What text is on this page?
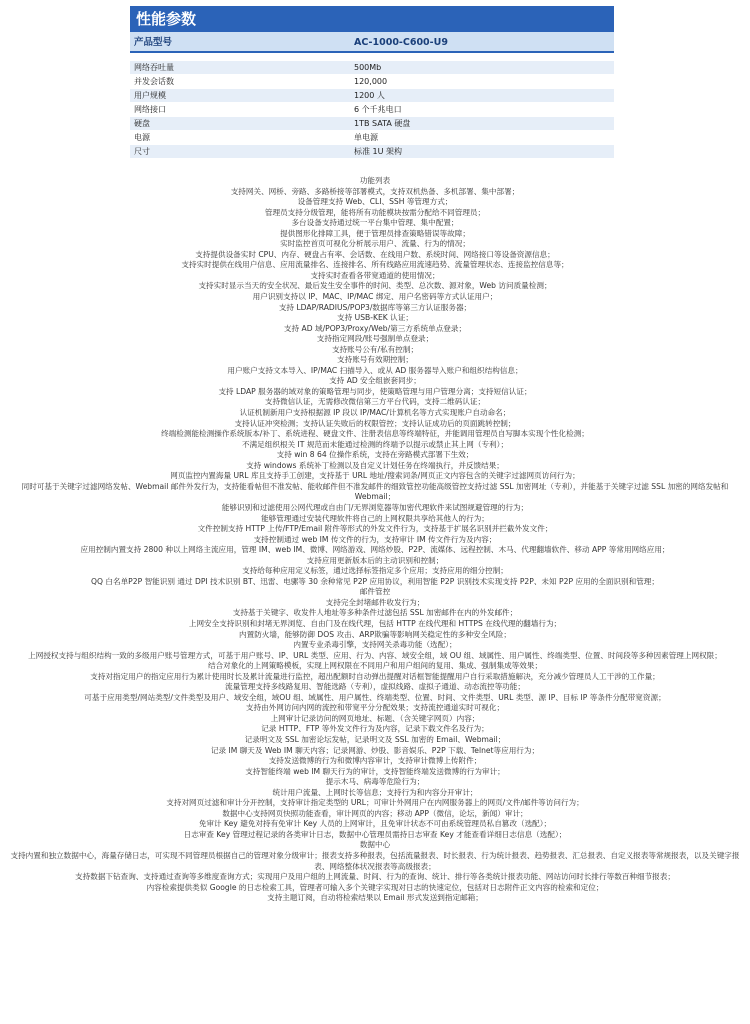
性能参数
产品型号	AC-1000-C600-U9
网络吞吐量	500Mb
并发会话数	120,000
用户规模	1200 人
网络接口	6 个千兆电口
硬盘	1TB SATA 硬盘
电源	单电源
尺寸	标准 1U 架构
功能列表
支持网关、网桥、旁路、多路桥接等部署模式，支持双机热备、多机部署、集中部署；
设备管理支持 Web、CLI、SSH 等管理方式；
管理员支持分级管理，能将所有功能模块按需分配给不同管理员；
多台设备支持通过统一平台集中管理、集中配置；
提供图形化排障工具，便于管理员排查策略错误等故障；
实时监控首页可视化分析展示用户、流量、行为的情况；
支持提供设备实时 CPU、内存、硬盘占有率、会话数、在线用户数、系统时间、网络接口等设备资源信息；
支持实时提供在线用户信息、应用流量排名、连接排名、所有线路应用流速趋势、流量管理状态、连接监控信息等；
支持实时查看各带宽通道的使用情况；
支持实时显示当天的安全状况、最后发生安全事件的时间、类型、总次数、源对象，Web 访问质量检测；
用户识别支持以 IP、MAC、IP/MAC 绑定、用户名密码等方式认证用户；
支持 LDAP/RADIUS/POP3/数据库等第三方认证服务器；
支持 USB-KEK 认证；
支持 AD 域/POP3/Proxy/Web/第三方系统单点登录；
支持指定网段/账号强制单点登录；
支持账号公有/私有控制；
支持账号有效期控制；
用户账户支持文本导入、IP/MAC 扫描导入、或从 AD 服务器导入账户和组织结构信息；
支持 AD 安全组嵌套同步；
支持 LDAP 服务器的域对象的策略管理与同步，使策略管理与用户管理分离；支持短信认证；
支持微信认证，无需修改微信第三方平台代码，支持二维码认证；
认证机制新用户支持根据源 IP 段以 IP/MAC/计算机名等方式实现账户自动命名；
支持认证冲突检测；支持认证失败后的权限管控；支持认证成功后的页面跳转控制；
终端检测能检测操作系统版本/补丁、系统进程、硬盘文件、注册表信息等终端特征，并能调用管理员自写脚本实现个性化检测；
不满足组织根关 IT 规范而未能通过检测的终端予以提示或禁止其上网（专利）；
支持 win 8 64 位操作系统，支持在旁路模式部署下生效；
支持 windows 系统补丁检测以及自定义计划任务在终端执行，并反馈结果；
网页监控内置海量 URL 库且支持手工创建，支持基于 URL 地址/搜索词条/网页正文内容包含的关键字过滤网页访问行为；
同时可基于关键字过滤网络发帖、Webmail 邮件外发行为，支持能看帖但不准发帖、能收邮件但不准发邮件的细致管控功能高级管控支持过滤 SSL 加密网址（专利），并能基于关键字过滤 SSL 加密的网络发帖和 Webmail；
能够识别和过滤使用公网代理或自由门/无界浏览器等加密代理软件来试图规避管理的行为；
能够管理通过安装代理软件将自己的上网权限共享给其他人的行为；
文件控制支持 HTTP 上传/FTP/Email 附件等形式的外发文件行为，支持基于扩展名识别并拦截外发文件；
支持控制通过 web IM 传文件的行为，支持审计 IM 传文件行为及内容；
应用控制内置支持 2800 种以上网络主流应用，管理 IM、web IM、微博、网络游戏、网络炒股、P2P、流媒体、远程控制、木马、代理翻墙软件、移动 APP 等常用网络应用；
支持应用更新版本后的主动识别和控制；
支持给每种应用定义标签，通过选择标签指定多个应用；支持应用的细分控制；
QQ 白名单P2P 智能识别 通过 DPI 技术识别 BT、迅雷、电骡等 30 余种常见 P2P 应用协议，利用智能 P2P 识别技术实现支持 P2P、未知 P2P 应用的全面识别和管理；
邮件管控
支持完全封堵邮件收发行为；
支持基于关键字、收发件人地址等多种条件过滤包括 SSL 加密邮件在内的外发邮件；
上网安全支持识别和封堵无界浏览、自由门及在线代理，包括 HTTP 在线代理和 HTTPS 在线代理的翻墙行为；
内置防火墙，能够防御 DOS 攻击、ARP欺骗等影响网关稳定性的多种安全风险；
内置专业杀毒引擎，支持网关杀毒功能（选配）；
上网授权支持与组织结构一致的多级用户账号管理方式，可基于用户账号、IP、URL 类型、应用、行为、内容、域安全组，域 OU 组、域属性、用户属性、终端类型、位置、时间段等多种因素管理上网权限；
结合对象化的上网策略模板，实现上网权限在不同用户和用户组间的复用、集成、强制集成等效果；
支持对指定用户的指定应用行为累计使用时长及累计流量进行监控，超出配额时自动弹出提醒对话框智能提醒用户自行采取措施解决，充分减少管理员人工干涉的工作量；
流量管理支持多线路复用、智能选路（专利），虚拟线路、虚拟子通道、动态流控等功能；
可基于应用类型/网站类型/文件类型及用户、域安全组，域OU 组、域属性、用户属性、终端类型、位置、时间、文件类型、URL 类型、源 IP、目标 IP 等条件分配带宽资源；
支持由外网访问内网的流控和带宽平分分配效果；支持流控通道实时可视化；
上网审计记录访问的网页地址、标题、（含关键字网页）内容；
记录 HTTP、FTP 等外发文件行为及内容，记录下载文件名及行为；
记录明文及 SSL 加密论坛发帖，记录明文及 SSL 加密的 Email、Webmail；
记录 IM 聊天及 Web IM 聊天内容；记录网游、炒股、影音娱乐、P2P 下载、Telnet等应用行为；
支持发送微博的行为和微博内容审计，支持审计微博上传附件；
支持智能终端 web IM 聊天行为的审计，支持智能终端发送微博的行为审计；
提示木马、病毒等危险行为；
统计用户流量、上网时长等信息；支持行为和内容分开审计；
支持对网页过滤和审计分开控制，支持审计指定类型的 URL；可审计外网用户在内网服务器上的网页/文件/邮件等访问行为；
数据中心支持网页快照功能查看，审计网页的内容；移动 APP（微信，论坛，新闻）审计；
免审计 Key 避免对持有免审计 Key 人员的上网审计，且免审计状态不可由系统管理员私自篡改（选配）；
日志审查 Key 管理过程记录的各类审计日志，数据中心管理员需持日志审查 Key 才能查看详细日志信息（选配）；
数据中心
支持内置和独立数据中心，海量存储日志，可实现不同管理员根据自己的管理对象分级审计；报表支持多种报表，包括流量报表、时长报表、行为统计报表、趋势报表、汇总报表、自定义报表等常规报表，以及关键字报表、网络整体状况报表等高级报表；
支持数据下钻查询、支持通过查询等多维度查询方式；实现用户及用户组的上网流量、时间、行为的查询、统计、排行等各类统计报表功能、网站访问时长排行等数百种细节报表；
内容检索提供类似 Google 的日志检索工具，管理者可输入多个关键字实现对日志的快速定位，包括对日志附件正文内容的检索和定位；
支持主题订阅，自动将检索结果以 Email 形式发送到指定邮箱；
